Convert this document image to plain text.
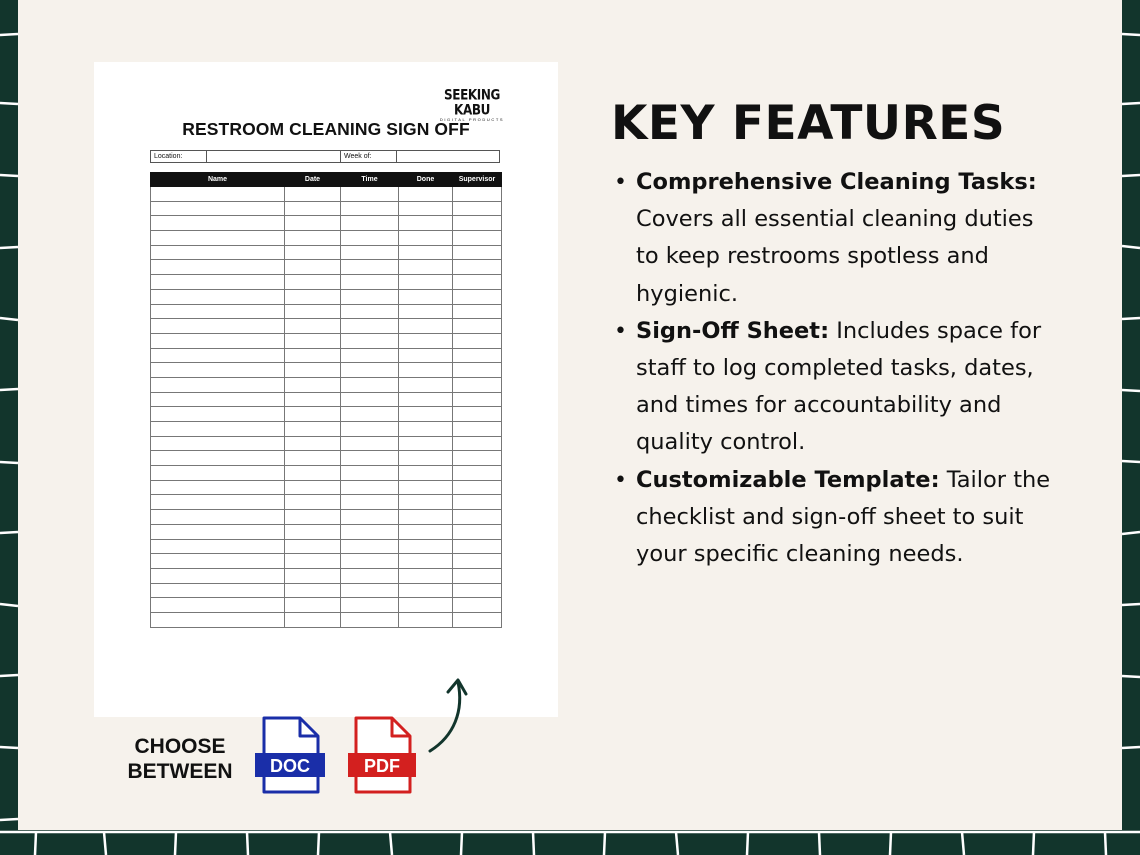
SEEKING KABU
DIGITAL PRODUCTS
RESTROOM CLEANING SIGN OFF
Location:	Week of:
Name	Date	Time	Done	Supervisor

CHOOSE
BETWEEN	DOC	PDF
KEY FEATURES
• Comprehensive Cleaning Tasks: Covers all essential cleaning duties to keep restrooms spotless and hygienic.
• Sign-Off Sheet: Includes space for staff to log completed tasks, dates, and times for accountability and quality control.
• Customizable Template: Tailor the checklist and sign-off sheet to suit your specific cleaning needs.
